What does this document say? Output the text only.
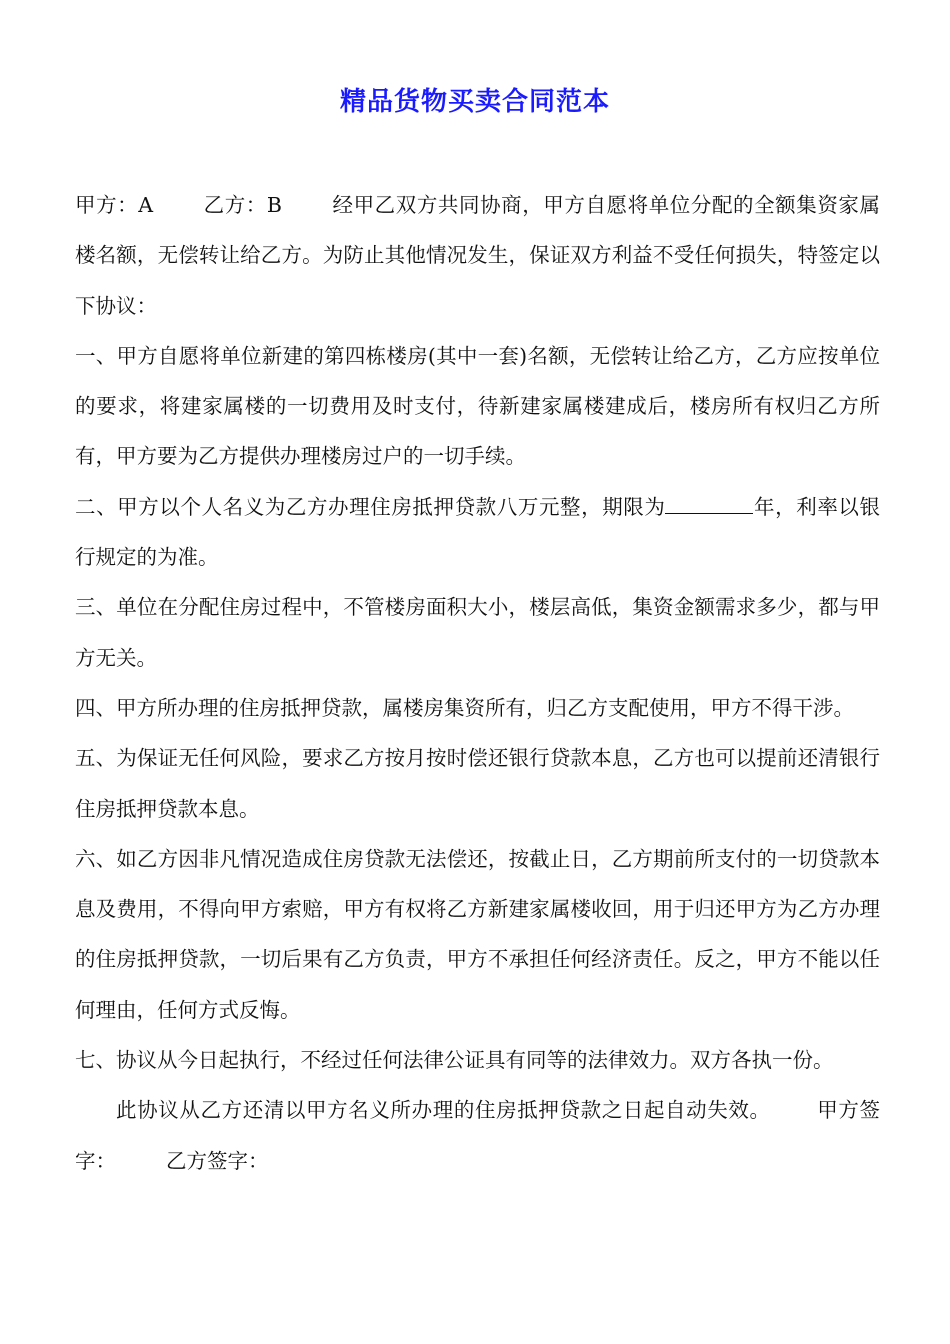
精品货物买卖合同范本

甲方：A 乙方：B 经甲乙双方共同协商，甲方自愿将单位分配的全额集资家属楼名额，无偿转让给乙方。为防止其他情况发生，保证双方利益不受任何损失，特签定以下协议：

一、甲方自愿将单位新建的第四栋楼房(其中一套)名额，无偿转让给乙方，乙方应按单位的要求，将建家属楼的一切费用及时支付，待新建家属楼建成后，楼房所有权归乙方所有，甲方要为乙方提供办理楼房过户的一切手续。

二、甲方以个人名义为乙方办理住房抵押贷款八万元整，期限为	年，利率以银行规定的为准。

三、单位在分配住房过程中，不管楼房面积大小，楼层高低，集资金额需求多少，都与甲方无关。

四、甲方所办理的住房抵押贷款，属楼房集资所有，归乙方支配使用，甲方不得干涉。

五、为保证无任何风险，要求乙方按月按时偿还银行贷款本息，乙方也可以提前还清银行住房抵押贷款本息。

六、如乙方因非凡情况造成住房贷款无法偿还，按截止日，乙方期前所支付的一切贷款本息及费用，不得向甲方索赔，甲方有权将乙方新建家属楼收回，用于归还甲方为乙方办理的住房抵押贷款，一切后果有乙方负责，甲方不承担任何经济责任。反之，甲方不能以任何理由，任何方式反悔。

七、协议从今日起执行，不经过任何法律公证具有同等的法律效力。双方各执一份。

此协议从乙方还清以甲方名义所办理的住房抵押贷款之日起自动失效。 甲方签字： 乙方签字：
